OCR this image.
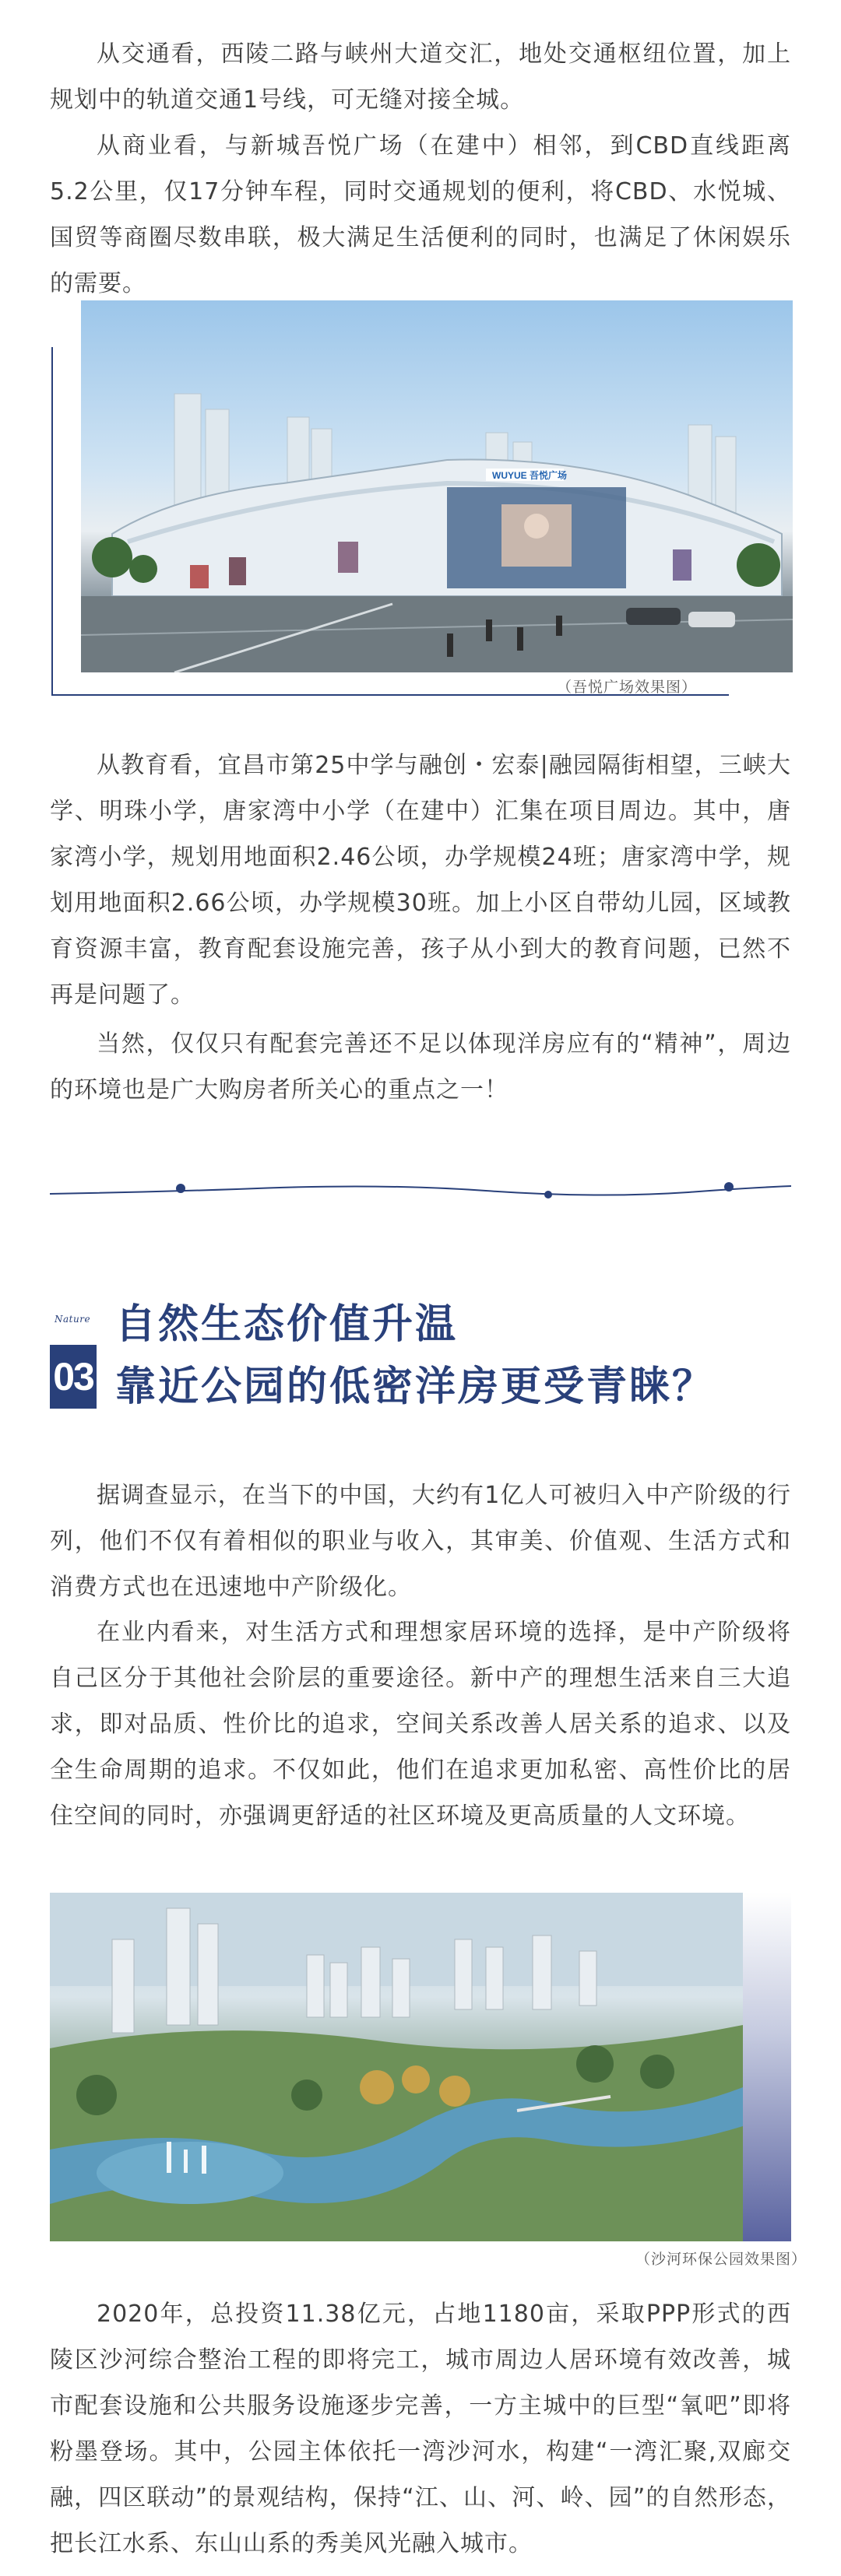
从交通看，西陵二路与峡州大道交汇，地处交通枢纽位置，加上规划中的轨道交通1号线，可无缝对接全城。

从商业看，与新城吾悦广场（在建中）相邻，到CBD直线距离5.2公里，仅17分钟车程，同时交通规划的便利，将CBD、水悦城、国贸等商圈尽数串联，极大满足生活便利的同时，也满足了休闲娱乐的需要。

WUYUE 吾悦广场
（吾悦广场效果图）

从教育看，宜昌市第25中学与融创・宏泰|融园隔街相望，三峡大学、明珠小学，唐家湾中小学（在建中）汇集在项目周边。其中，唐家湾小学，规划用地面积2.46公顷，办学规模24班；唐家湾中学，规划用地面积2.66公顷，办学规模30班。加上小区自带幼儿园，区域教育资源丰富，教育配套设施完善，孩子从小到大的教育问题，已然不再是问题了。

当然，仅仅只有配套完善还不足以体现洋房应有的“精神”，周边的环境也是广大购房者所关心的重点之一！

Nature
03
自然生态价值升温
靠近公园的低密洋房更受青睐？

据调查显示，在当下的中国，大约有1亿人可被归入中产阶级的行列，他们不仅有着相似的职业与收入，其审美、价值观、生活方式和消费方式也在迅速地中产阶级化。

在业内看来，对生活方式和理想家居环境的选择，是中产阶级将自己区分于其他社会阶层的重要途径。新中产的理想生活来自三大追求，即对品质、性价比的追求，空间关系改善人居关系的追求、以及全生命周期的追求。不仅如此，他们在追求更加私密、高性价比的居住空间的同时，亦强调更舒适的社区环境及更高质量的人文环境。

（沙河环保公园效果图）

2020年，总投资11.38亿元，占地1180亩，采取PPP形式的西陵区沙河综合整治工程的即将完工，城市周边人居环境有效改善，城市配套设施和公共服务设施逐步完善，一方主城中的巨型“氧吧”即将粉墨登场。其中，公园主体依托一湾沙河水，构建“一湾汇聚,双廊交融，四区联动”的景观结构，保持“江、山、河、岭、园”的自然形态，把长江水系、东山山系的秀美风光融入城市。
